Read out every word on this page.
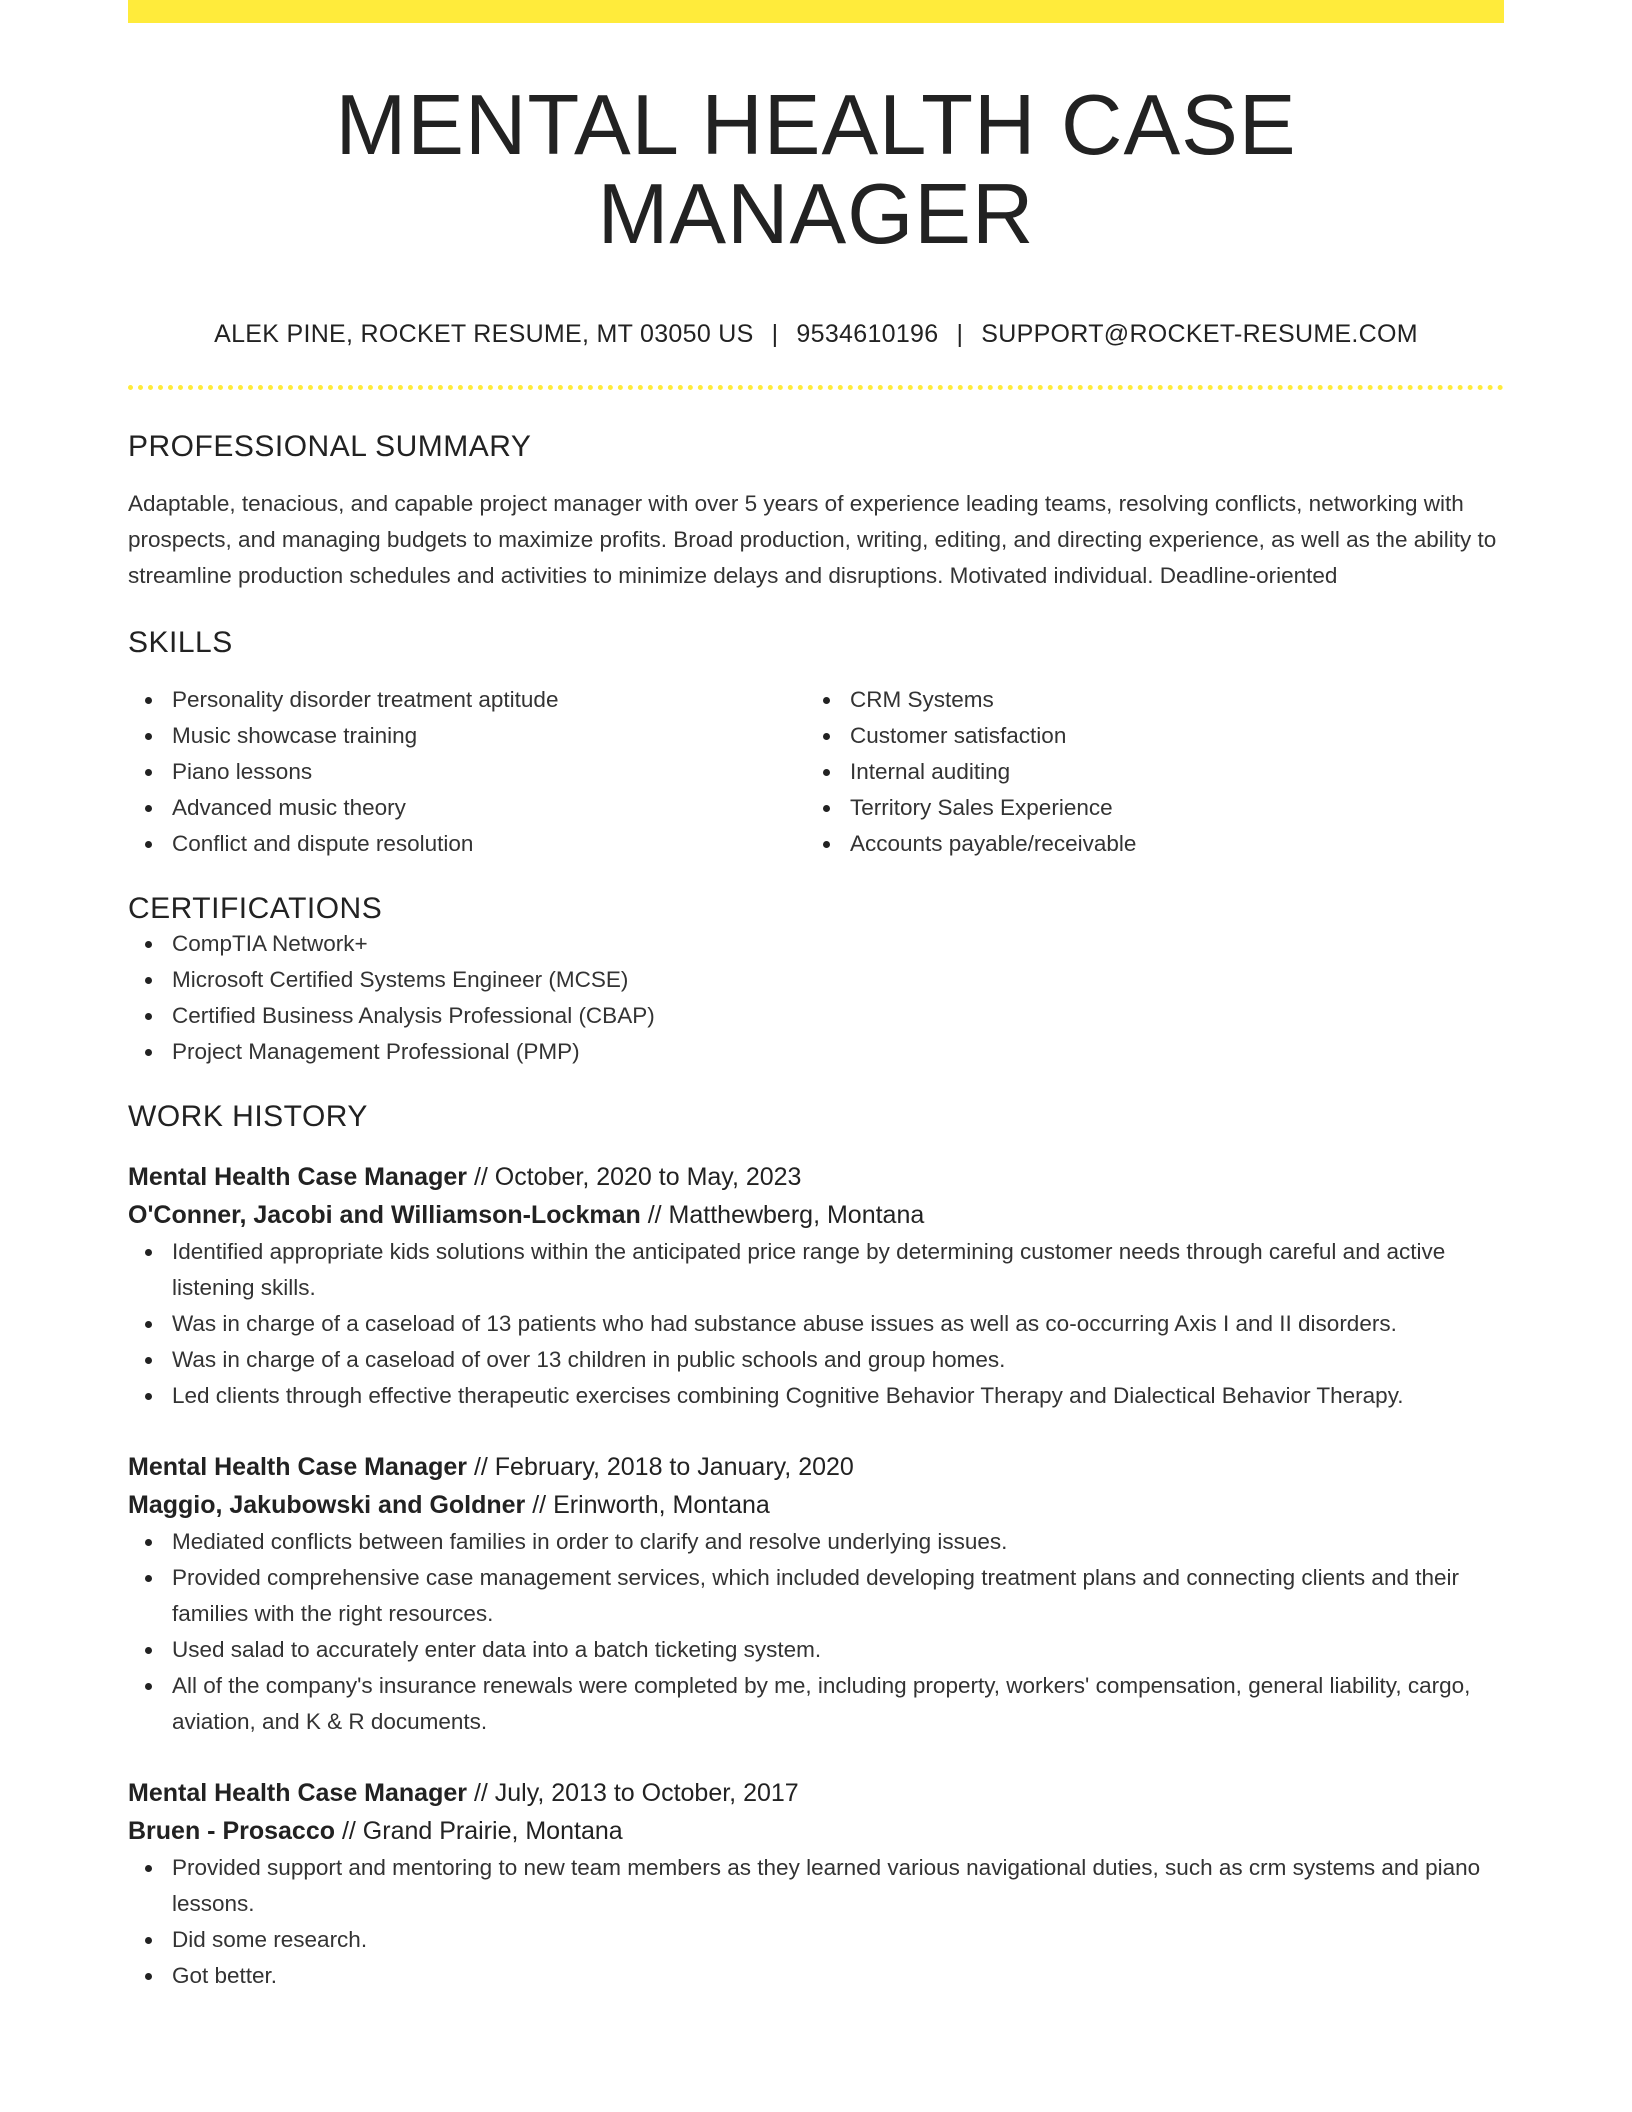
MENTAL HEALTH CASE MANAGER
ALEK PINE, ROCKET RESUME, MT 03050 US | 9534610196 | SUPPORT@ROCKET-RESUME.COM
PROFESSIONAL SUMMARY

Adaptable, tenacious, and capable project manager with over 5 years of experience leading teams, resolving conflicts, networking with prospects, and managing budgets to maximize profits. Broad production, writing, editing, and directing experience, as well as the ability to streamline production schedules and activities to minimize delays and disruptions. Motivated individual. Deadline-oriented

SKILLS
Personality disorder treatment aptitude
Music showcase training
Piano lessons
Advanced music theory
Conflict and dispute resolution
CRM Systems
Customer satisfaction
Internal auditing
Territory Sales Experience
Accounts payable/receivable
CERTIFICATIONS
CompTIA Network+
Microsoft Certified Systems Engineer (MCSE)
Certified Business Analysis Professional (CBAP)
Project Management Professional (PMP)
WORK HISTORY
Mental Health Case Manager // October, 2020 to May, 2023
O'Conner, Jacobi and Williamson-Lockman // Matthewberg, Montana
Identified appropriate kids solutions within the anticipated price range by determining customer needs through careful and active listening skills.
Was in charge of a caseload of 13 patients who had substance abuse issues as well as co-occurring Axis I and II disorders.
Was in charge of a caseload of over 13 children in public schools and group homes.
Led clients through effective therapeutic exercises combining Cognitive Behavior Therapy and Dialectical Behavior Therapy.
Mental Health Case Manager // February, 2018 to January, 2020
Maggio, Jakubowski and Goldner // Erinworth, Montana
Mediated conflicts between families in order to clarify and resolve underlying issues.
Provided comprehensive case management services, which included developing treatment plans and connecting clients and their families with the right resources.
Used salad to accurately enter data into a batch ticketing system.
All of the company's insurance renewals were completed by me, including property, workers' compensation, general liability, cargo, aviation, and K & R documents.
Mental Health Case Manager // July, 2013 to October, 2017
Bruen - Prosacco // Grand Prairie, Montana
Provided support and mentoring to new team members as they learned various navigational duties, such as crm systems and piano lessons.
Did some research.
Got better.
